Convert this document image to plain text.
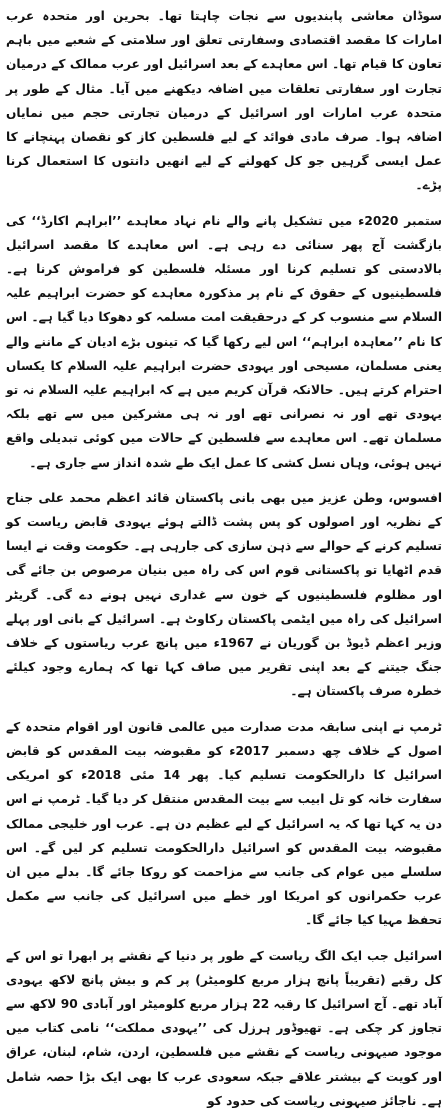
سوڈان معاشی پابندیوں سے نجات چاہتا تھا۔ بحرین اور متحدہ عرب امارات کا مقصد اقتصادی وسفارتی تعلق اور سلامتی کے شعبے میں باہم تعاون کا قیام تھا۔ اس معاہدے کے بعد اسرائیل اور عرب ممالک کے درمیان تجارت اور سفارتی تعلقات میں اضافہ دیکھنے میں آیا۔ مثال کے طور پر متحدہ عرب امارات اور اسرائیل کے درمیان تجارتی حجم میں نمایاں اضافہ ہوا۔ صرف مادی فوائد کے لیے فلسطین کاز کو نقصان پہنچانے کا عمل ایسی گرہیں جو کل کھولنے کے لیے انھیں دانتوں کا استعمال کرنا پڑے۔

ستمبر 2020ء میں تشکیل پانے والے نام نہاد معاہدے ’’ابراہم اکارڈ‘‘ کی بازگشت آج پھر سنائی دے رہی ہے۔ اس معاہدے کا مقصد اسرائیل بالادستی کو تسلیم کرنا اور مسئلہ فلسطین کو فراموش کرنا ہے۔ فلسطینیوں کے حقوق کے نام پر مذکورہ معاہدے کو حضرت ابراہیم علیہ السلام سے منسوب کر کے درحقیقت امت مسلمہ کو دھوکا دیا گیا ہے۔ اس کا نام ’’معاہدہ ابراہم‘‘ اس لیے رکھا گیا کہ تینوں بڑے ادیان کے ماننے والے یعنی مسلمان، مسیحی اور یہودی حضرت ابراہیم علیہ السلام کا یکساں احترام کرتے ہیں۔ حالانکہ قرآن کریم میں ہے کہ ابراہیم علیہ السلام نہ تو یہودی تھے اور نہ نصرانی تھے اور نہ ہی مشرکین میں سے تھے بلکہ مسلمان تھے۔ اس معاہدے سے فلسطین کے حالات میں کوئی تبدیلی واقع نہیں ہوئی، وہاں نسل کشی کا عمل ایک طے شدہ انداز سے جاری ہے۔

افسوس، وطن عزیز میں بھی بانی پاکستان قائد اعظم محمد علی جناح کے نظریہ اور اصولوں کو پس پشت ڈالتے ہوئے یہودی قابض ریاست کو تسلیم کرنے کے حوالے سے ذہن سازی کی جارہی ہے۔ حکومت وقت نے ایسا قدم اٹھایا تو پاکستانی قوم اس کی راہ میں بنیان مرصوص بن جائے گی اور مظلوم فلسطینیوں کے خون سے غداری نہیں ہونے دے گی۔ گریٹر اسرائیل کی راہ میں ایٹمی پاکستان رکاوٹ ہے۔ اسرائیل کے بانی اور پہلے وزیر اعظم ڈیوڈ بن گوریان نے 1967ء میں پانچ عرب ریاستوں کے خلاف جنگ جیتنے کے بعد اپنی تقریر میں صاف کہا تھا کہ ہمارے وجود کیلئے خطرہ صرف پاکستان ہے۔

ٹرمپ نے اپنی سابقہ مدت صدارت میں عالمی قانون اور اقوام متحدہ کے اصول کے خلاف چھ دسمبر 2017ء کو مقبوضہ بیت المقدس کو قابض اسرائیل کا دارالحکومت تسلیم کیا۔ پھر 14 مئی 2018ء کو امریکی سفارت خانہ کو تل ابیب سے بیت المقدس منتقل کر دیا گیا۔ ٹرمپ نے اس دن یہ کہا تھا کہ یہ اسرائیل کے لیے عظیم دن ہے۔ عرب اور خلیجی ممالک مقبوضہ بیت المقدس کو اسرائیل دارالحکومت تسلیم کر لیں گے۔ اس سلسلے میں عوام کی جانب سے مزاحمت کو روکا جائے گا۔ بدلے میں ان عرب حکمرانوں کو امریکا اور خطے میں اسرائیل کی جانب سے مکمل تحفظ مہیا کیا جائے گا۔

اسرائیل جب ایک الگ ریاست کے طور پر دنیا کے نقشے پر ابھرا تو اس کے کل رقبے (تقریباً پانچ ہزار مربع کلومیٹر) پر کم و بیش پانچ لاکھ یہودی آباد تھے۔ آج اسرائیل کا رقبہ 22 ہزار مربع کلومیٹر اور آبادی 90 لاکھ سے تجاوز کر چکی ہے۔ تھیوڈور ہرزل کی ’’یہودی مملکت‘‘ نامی کتاب میں موجود صیہونی ریاست کے نقشے میں فلسطین، اردن، شام، لبنان، عراق اور کویت کے بیشتر علاقے جبکہ سعودی عرب کا بھی ایک بڑا حصہ شامل ہے۔ ناجائز صیہونی ریاست کی حدود کو
